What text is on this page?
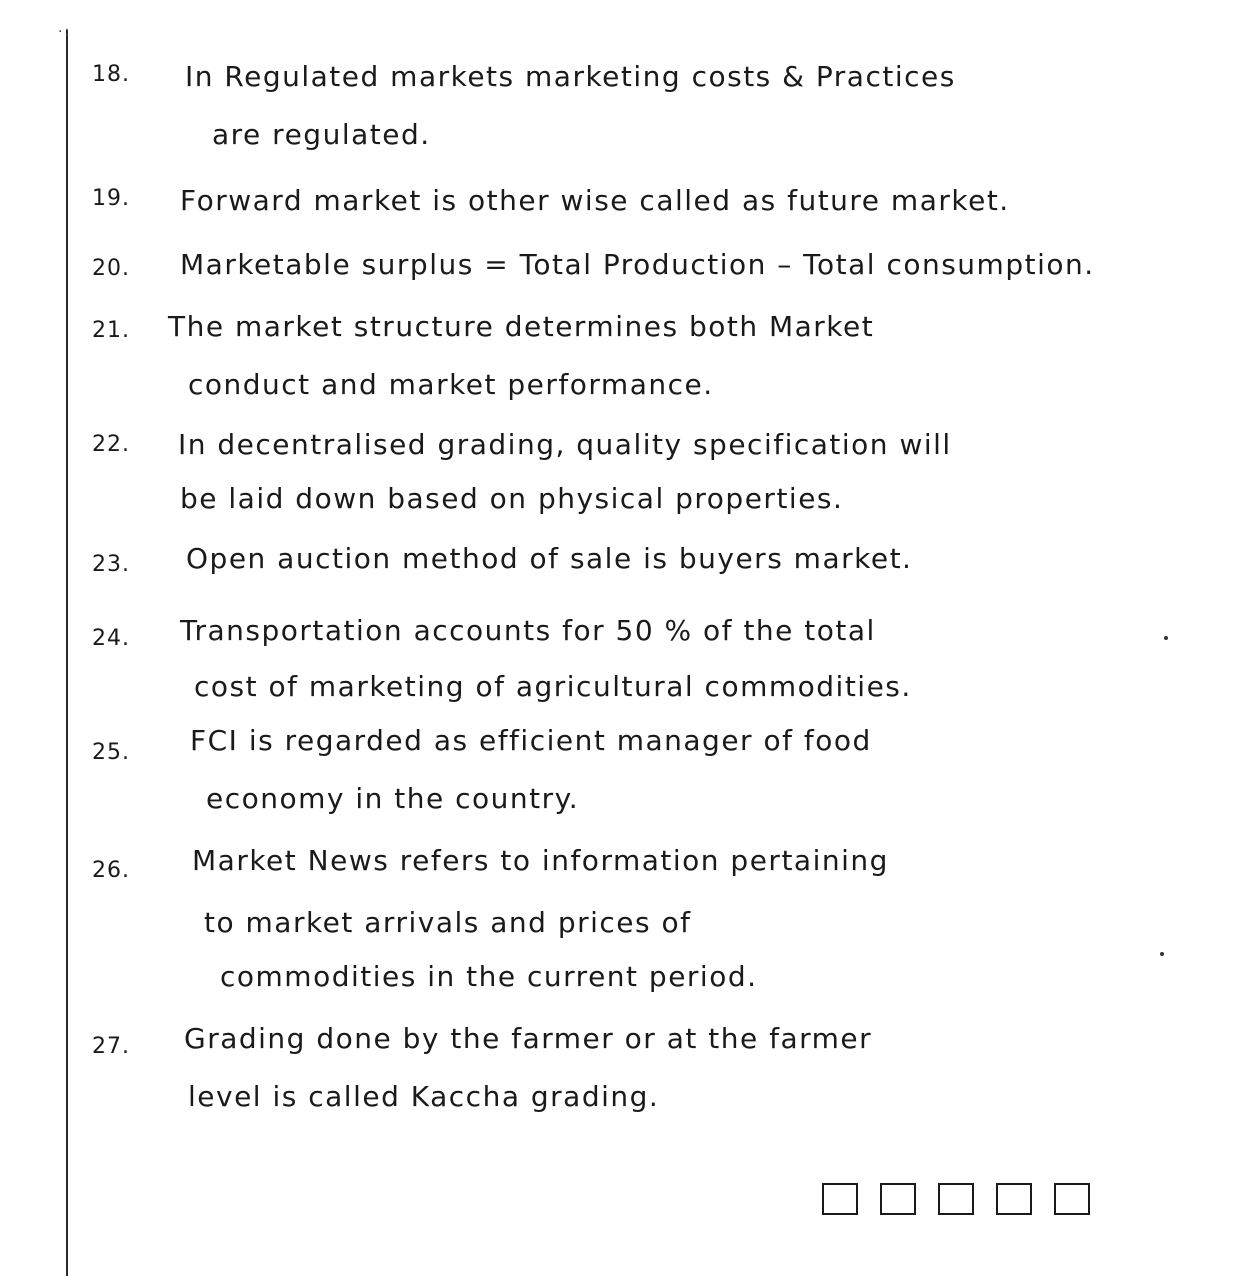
·:
18. In Regulated markets marketing costs & Practices
are regulated.
19. Forward market is other wise called as future market.
20. Marketable surplus = Total Production – Total consumption.
21. The market structure determines both Market
conduct and market performance.
22. In decentralised grading, quality specification will
be laid down based on physical properties.
23. Open auction method of sale is buyers market.
24. Transportation accounts for 50 % of the total
cost of marketing of agricultural commodities.
25. FCI is regarded as efficient manager of food
economy in the country.
26. Market News refers to information pertaining
to market arrivals and prices of
commodities in the current period.
27. Grading done by the farmer or at the farmer
level is called Kaccha grading.
